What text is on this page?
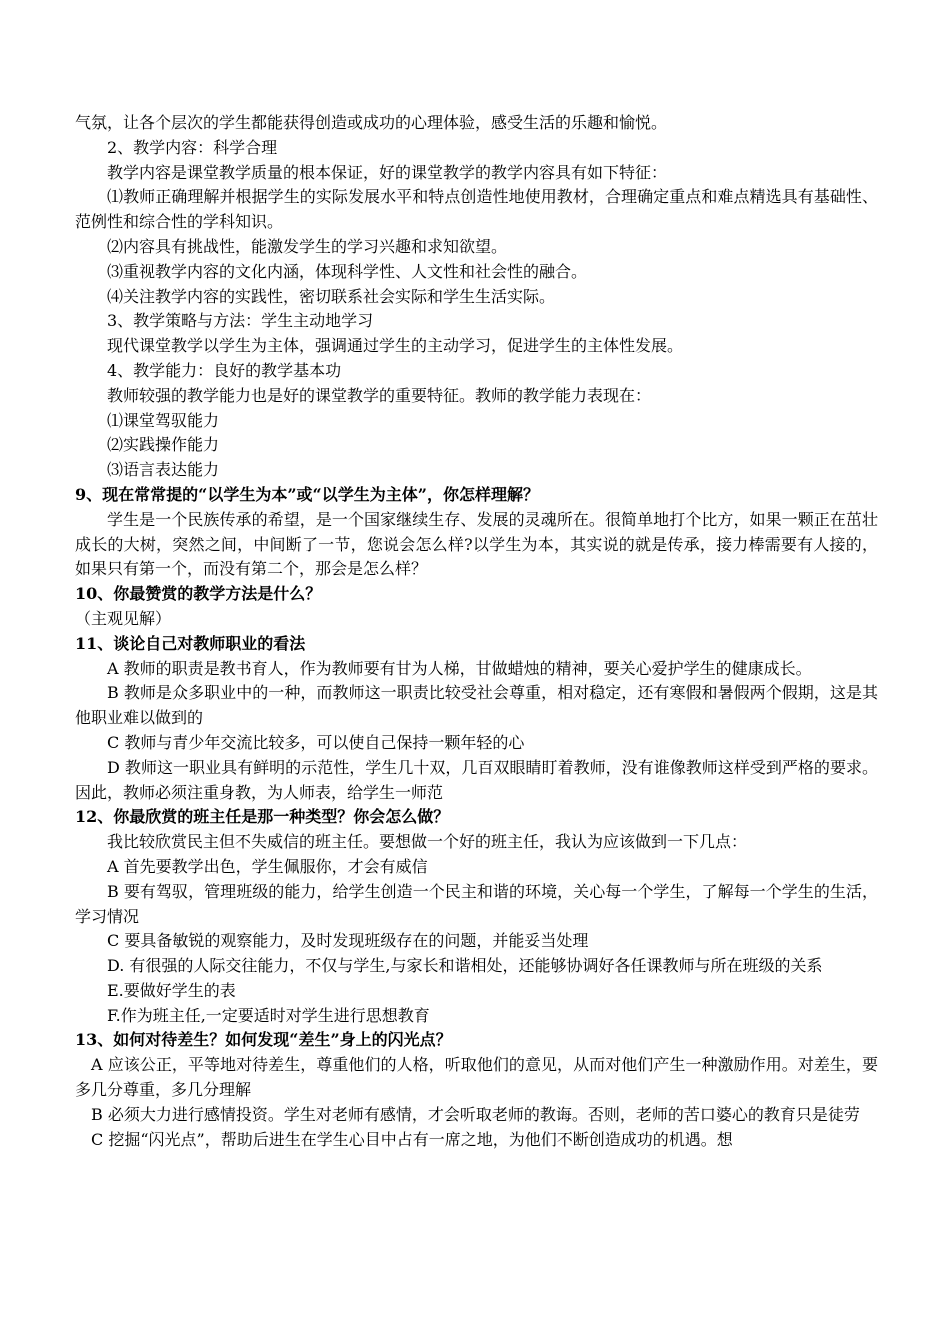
气氛，让各个层次的学生都能获得创造或成功的心理体验，感受生活的乐趣和愉悦。

2、教学内容：科学合理

教学内容是课堂教学质量的根本保证，好的课堂教学的教学内容具有如下特征：

⑴教师正确理解并根据学生的实际发展水平和特点创造性地使用教材，合理确定重点和难点精选具有基础性、范例性和综合性的学科知识。

⑵内容具有挑战性，能激发学生的学习兴趣和求知欲望。

⑶重视教学内容的文化内涵，体现科学性、人文性和社会性的融合。

⑷关注教学内容的实践性，密切联系社会实际和学生生活实际。

3、教学策略与方法：学生主动地学习

现代课堂教学以学生为主体，强调通过学生的主动学习，促进学生的主体性发展。

4、教学能力：良好的教学基本功

教师较强的教学能力也是好的课堂教学的重要特征。教师的教学能力表现在：

⑴课堂驾驭能力

⑵实践操作能力

⑶语言表达能力

9、现在常常提的“以学生为本”或“以学生为主体”，你怎样理解？

学生是一个民族传承的希望，是一个国家继续生存、发展的灵魂所在。很简单地打个比方，如果一颗正在茁壮成长的大树，突然之间，中间断了一节，您说会怎么样?以学生为本，其实说的就是传承，接力棒需要有人接的，如果只有第一个，而没有第二个，那会是怎么样？

10、你最赞赏的教学方法是什么？

（主观见解）

11、谈论自己对教师职业的看法

A 教师的职责是教书育人，作为教师要有甘为人梯，甘做蜡烛的精神，要关心爱护学生的健康成长。

B 教师是众多职业中的一种，而教师这一职责比较受社会尊重，相对稳定，还有寒假和暑假两个假期，这是其他职业难以做到的

C 教师与青少年交流比较多，可以使自己保持一颗年轻的心

D 教师这一职业具有鲜明的示范性，学生几十双，几百双眼睛盯着教师，没有谁像教师这样受到严格的要求。因此，教师必须注重身教，为人师表，给学生一师范

12、你最欣赏的班主任是那一种类型？你会怎么做？

我比较欣赏民主但不失威信的班主任。要想做一个好的班主任，我认为应该做到一下几点：

A 首先要教学出色，学生佩服你，才会有威信

B 要有驾驭，管理班级的能力，给学生创造一个民主和谐的环境，关心每一个学生，了解每一个学生的生活，学习情况

C 要具备敏锐的观察能力，及时发现班级存在的问题，并能妥当处理

D. 有很强的人际交往能力，不仅与学生,与家长和谐相处，还能够协调好各任课教师与所在班级的关系

E.要做好学生的表

F.作为班主任,一定要适时对学生进行思想教育

13、如何对待差生？如何发现“差生”身上的闪光点？

A 应该公正，平等地对待差生，尊重他们的人格，听取他们的意见，从而对他们产生一种激励作用。对差生，要多几分尊重，多几分理解

B 必须大力进行感情投资。学生对老师有感情，才会听取老师的教诲。否则，老师的苦口婆心的教育只是徒劳

C 挖掘“闪光点”，帮助后进生在学生心目中占有一席之地，为他们不断创造成功的机遇。想
